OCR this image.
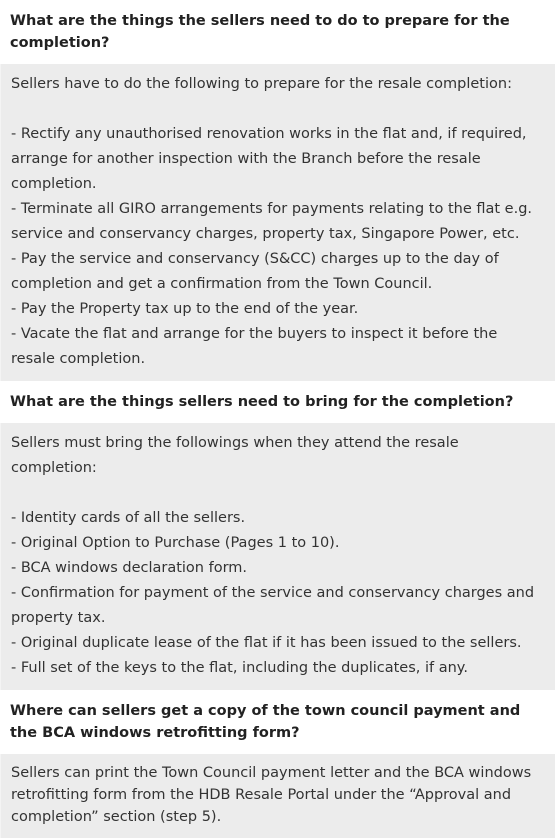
What are the things the sellers need to do to prepare for the completion?

Sellers have to do the following to prepare for the resale completion:

- Rectify any unauthorised renovation works in the flat and, if required, arrange for another inspection with the Branch before the resale completion.

- Terminate all GIRO arrangements for payments relating to the flat e.g. service and conservancy charges, property tax, Singapore Power, etc.

- Pay the service and conservancy (S&CC) charges up to the day of completion and get a confirmation from the Town Council.

- Pay the Property tax up to the end of the year.

- Vacate the flat and arrange for the buyers to inspect it before the resale completion.

What are the things sellers need to bring for the completion?

Sellers must bring the followings when they attend the resale completion:

- Identity cards of all the sellers.

- Original Option to Purchase (Pages 1 to 10).

- BCA windows declaration form.

- Confirmation for payment of the service and conservancy charges and property tax.

- Original duplicate lease of the flat if it has been issued to the sellers.

- Full set of the keys to the flat, including the duplicates, if any.

Where can sellers get a copy of the town council payment and the BCA windows retrofitting form?

Sellers can print the Town Council payment letter and the BCA windows retrofitting form from the HDB Resale Portal under the “Approval and completion” section (step 5).
